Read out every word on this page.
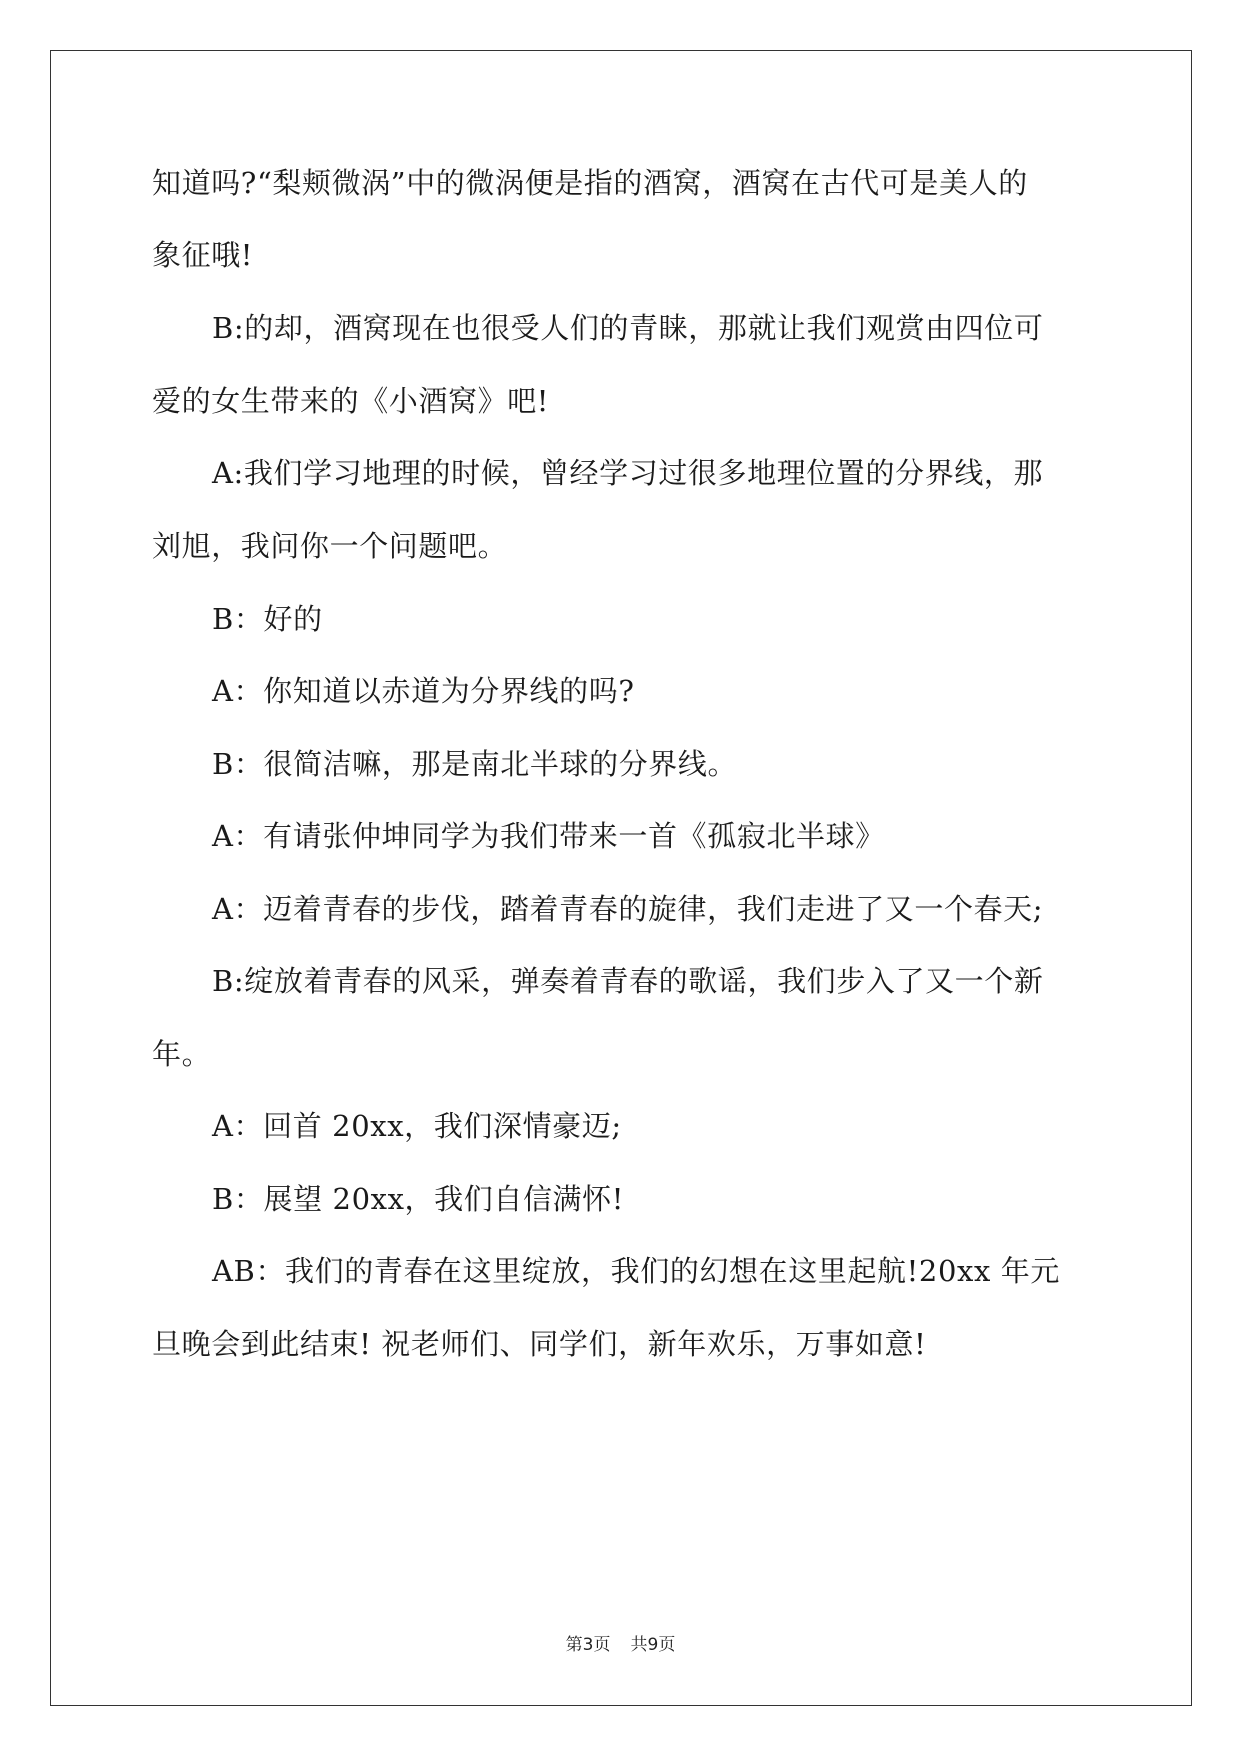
知道吗?“梨颊微涡”中的微涡便是指的酒窝，酒窝在古代可是美人的
象征哦!
B:的却，酒窝现在也很受人们的青睐，那就让我们观赏由四位可
爱的女生带来的《小酒窝》吧!
A:我们学习地理的时候，曾经学习过很多地理位置的分界线，那
刘旭，我问你一个问题吧。
B：好的
A：你知道以赤道为分界线的吗?
B：很简洁嘛，那是南北半球的分界线。
A：有请张仲坤同学为我们带来一首《孤寂北半球》
A：迈着青春的步伐，踏着青春的旋律，我们走进了又一个春天;
B:绽放着青春的风采，弹奏着青春的歌谣，我们步入了又一个新
年。
A：回首 20xx，我们深情豪迈;
B：展望 20xx，我们自信满怀!
AB：我们的青春在这里绽放，我们的幻想在这里起航!20xx 年元
旦晚会到此结束! 祝老师们、同学们，新年欢乐，万事如意!
第3页 共9页
